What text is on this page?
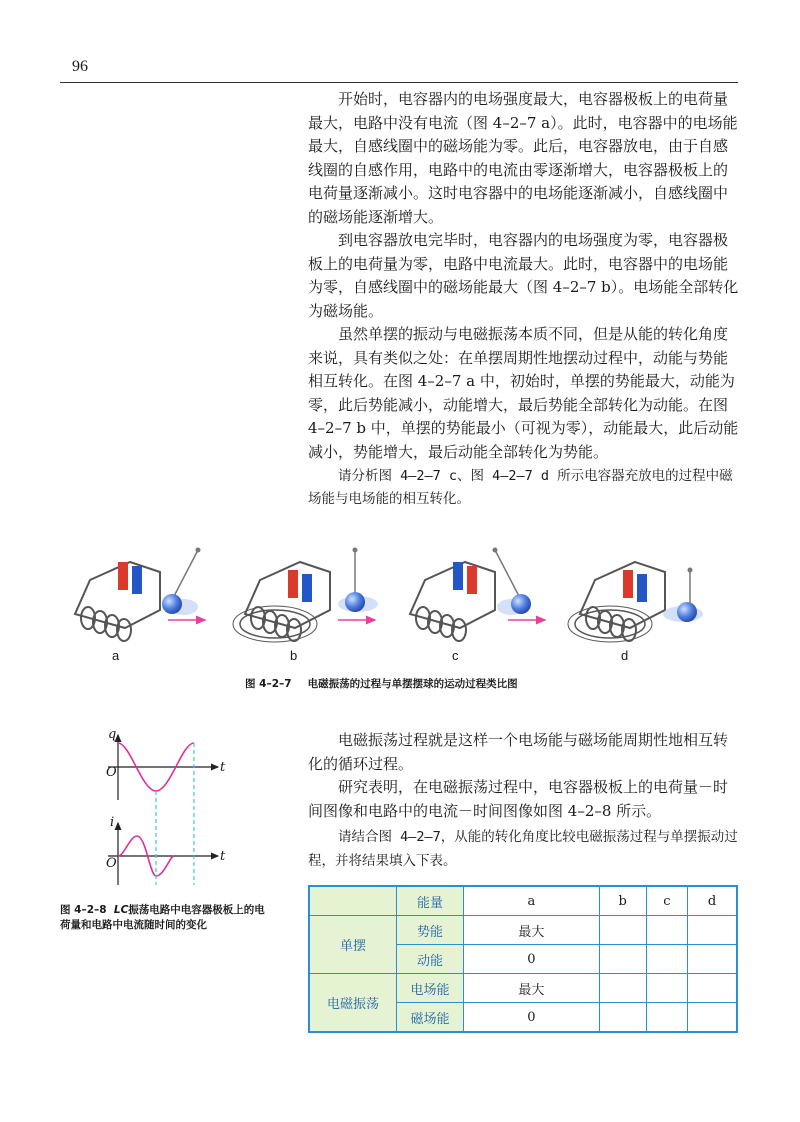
96

开始时，电容器内的电场强度最大，电容器极板上的电荷量最大，电路中没有电流（图 4–2–7 a）。此时，电容器中的电场能最大，自感线圈中的磁场能为零。此后，电容器放电，由于自感线圈的自感作用，电路中的电流由零逐渐增大，电容器极板上的电荷量逐渐减小。这时电容器中的电场能逐渐减小，自感线圈中的磁场能逐渐增大。

到电容器放电完毕时，电容器内的电场强度为零，电容器极板上的电荷量为零，电路中电流最大。此时，电容器中的电场能为零，自感线圈中的磁场能最大（图 4–2–7 b）。电场能全部转化为磁场能。

虽然单摆的振动与电磁振荡本质不同，但是从能的转化角度来说，具有类似之处：在单摆周期性地摆动过程中，动能与势能相互转化。在图 4–2–7 a 中，初始时，单摆的势能最大，动能为零，此后势能减小，动能增大，最后势能全部转化为动能。在图 4–2–7 b 中，单摆的势能最小（可视为零），动能最大，此后动能减小，势能增大，最后动能全部转化为势能。

请分析图 4–2–7 c、图 4–2–7 d 所示电容器充放电的过程中磁场能与电场能的相互转化。

a	b	c	d
图 4–2–7 电磁振荡的过程与单摆摆球的运动过程类比图
q
t
O
i
t
O
图 4–2–8 LC振荡电路中电容器极板上的电荷量和电路中电流随时间的变化

电磁振荡过程就是这样一个电场能与磁场能周期性地相互转化的循环过程。

研究表明，在电磁振荡过程中，电容器极板上的电荷量－时间图像和电路中的电流－时间图像如图 4–2–8 所示。

请结合图 4–2–7，从能的转化角度比较电磁振荡过程与单摆振动过程，并将结果填入下表。

	能量	a	b	c	d
单摆	势能	最大			
	动能	0			
电磁振荡	电场能	最大			
	磁场能	0			
